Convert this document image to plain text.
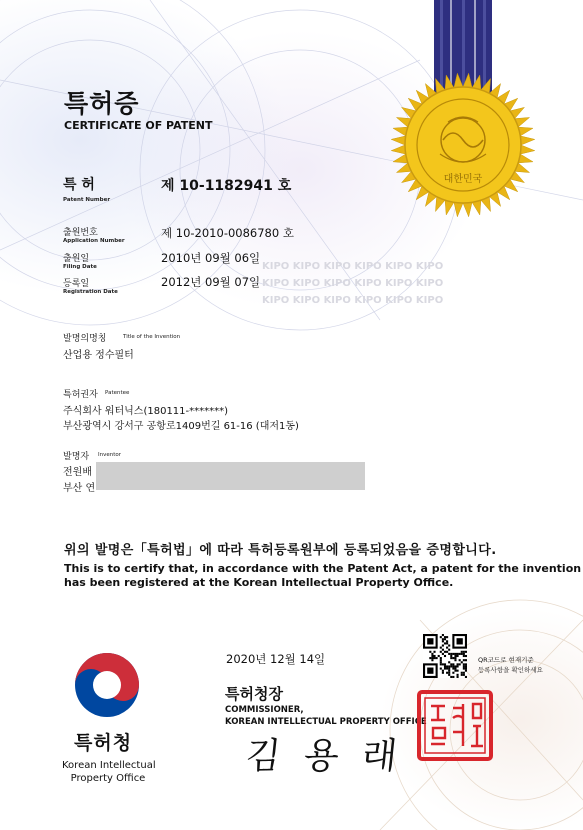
KIPO KIPO KIPO KIPO KIPO KIPO
KIPO KIPO KIPO KIPO KIPO KIPO
KIPO KIPO KIPO KIPO KIPO KIPO

대한민국
특허증
CERTIFICATE OF PATENT
특 허
Patent Number
제 10-1182941 호
출원번호
Application Number
제 10-2010-0086780 호
출원일
Filing Date
2010년 09월 06일
등록일
Registration Date
2012년 09월 07일
발명의명칭	Title of the Invention
산업용 정수필터
특허권자 Patentee
주식회사 워터닉스(180111-*******)
부산광역시 강서구 공항로1409번길 61-16 (대저1동)
발명자 Inventor
전원배
부산 연
위의 발명은「특허법」에 따라 특허등록원부에 등록되었음을 증명합니다.
This is to certify that, in accordance with the Patent Act, a patent for the invention
has been registered at the Korean Intellectual Property Office.
2020년 12월 14일	QR코드로 현재기준
등록사항을 확인하세요
특허청장
COMMISSIONER,
KOREAN INTELLECTUAL PROPERTY OFFICE
김 용 래
특허청
Korean Intellectual
Property Office
